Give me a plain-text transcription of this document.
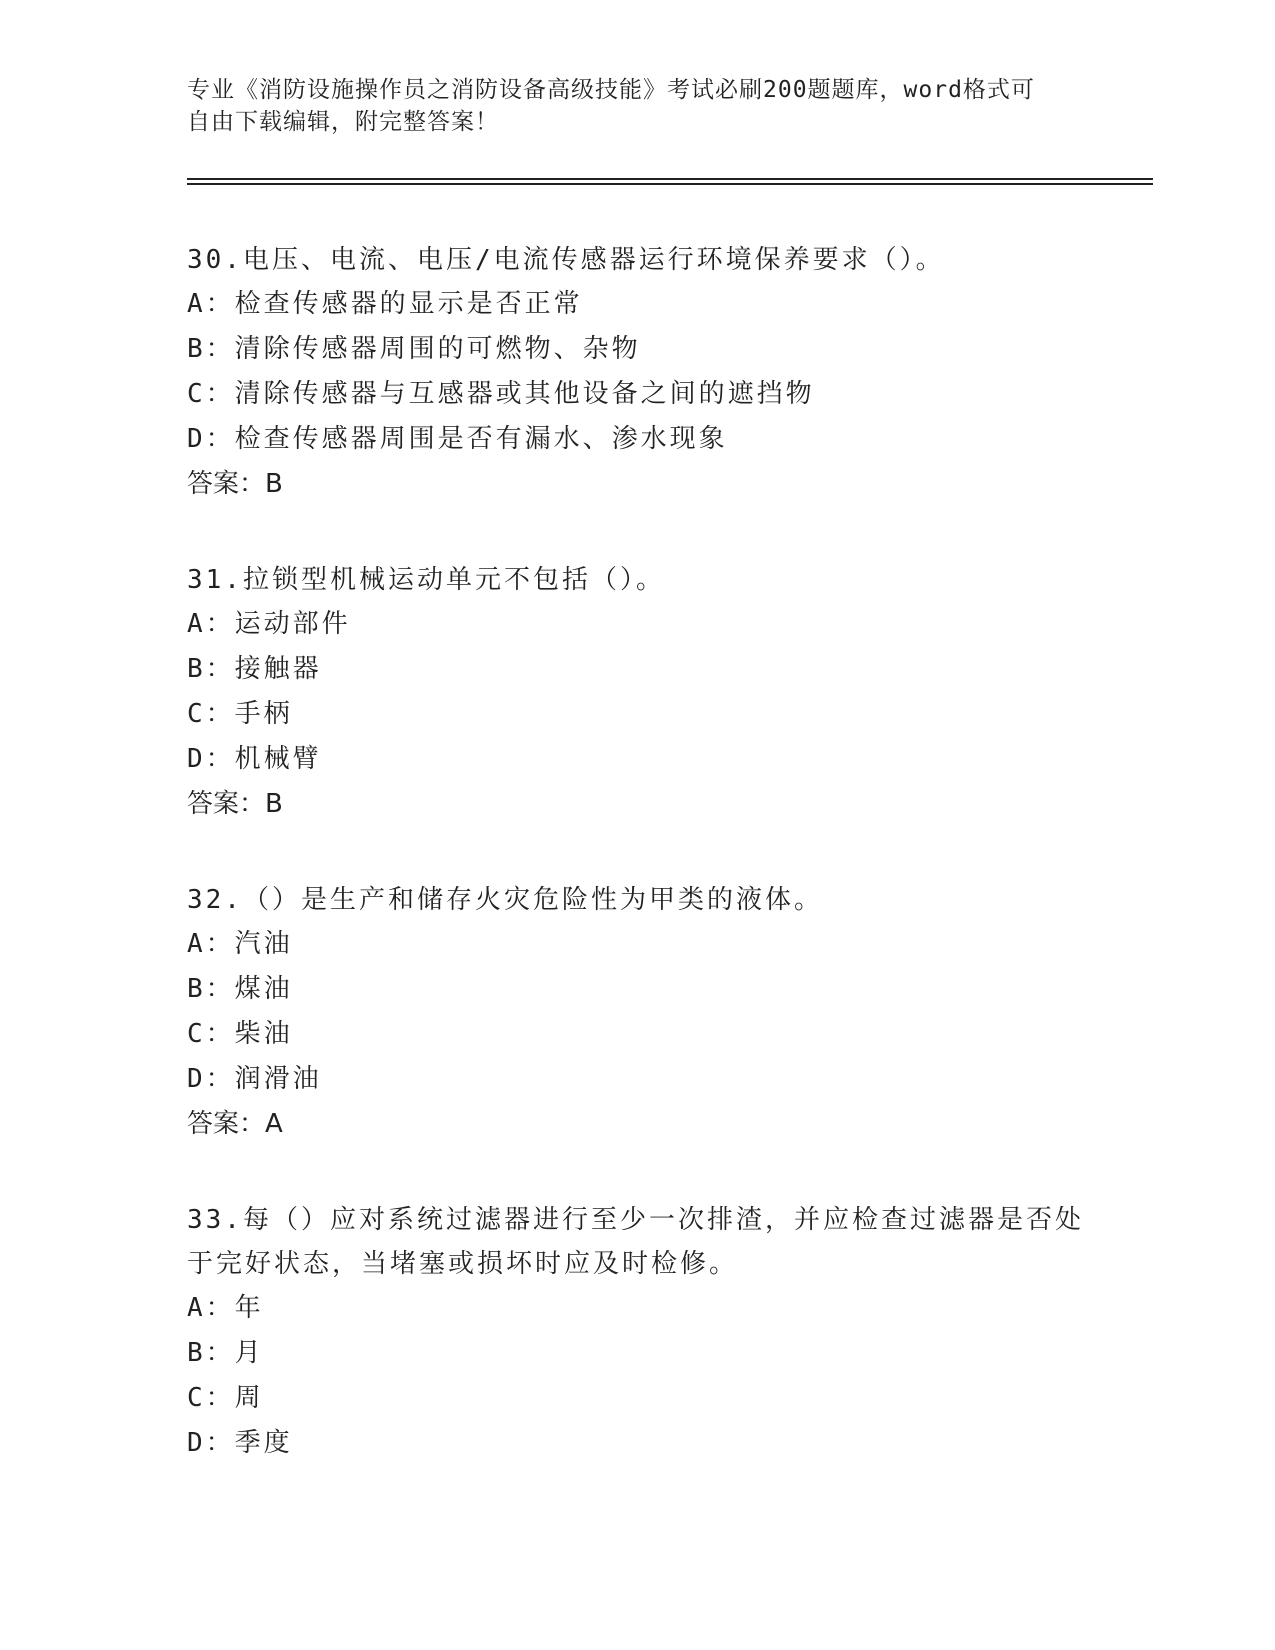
专业《消防设施操作员之消防设备高级技能》考试必刷200题题库，word格式可
自由下载编辑，附完整答案！

30.电压、电流、电压/电流传感器运行环境保养要求（）。

A：检查传感器的显示是否正常

B：清除传感器周围的可燃物、杂物

C：清除传感器与互感器或其他设备之间的遮挡物

D：检查传感器周围是否有漏水、渗水现象

答案：B

31.拉锁型机械运动单元不包括（）。

A：运动部件

B：接触器

C：手柄

D：机械臂

答案：B

32.（）是生产和储存火灾危险性为甲类的液体。

A：汽油

B：煤油

C：柴油

D：润滑油

答案：A

33.每（）应对系统过滤器进行至少一次排渣，并应检查过滤器是否处
于完好状态，当堵塞或损坏时应及时检修。

A：年

B：月

C：周

D：季度
